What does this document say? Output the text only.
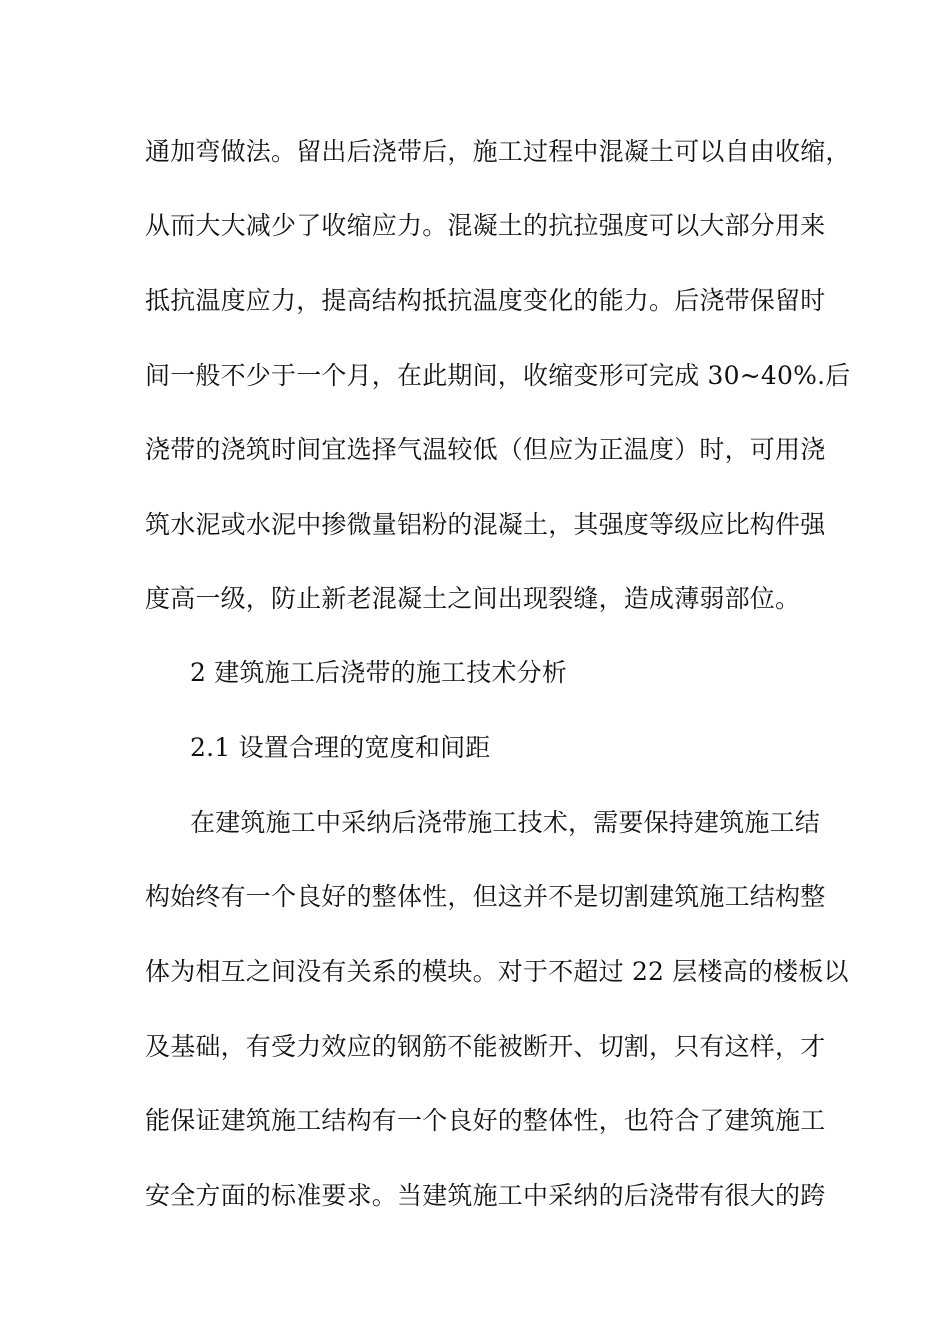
通加弯做法。留出后浇带后，施工过程中混凝土可以自由收缩，
从而大大减少了收缩应力。混凝土的抗拉强度可以大部分用来
抵抗温度应力，提高结构抵抗温度变化的能力。后浇带保留时
间一般不少于一个月，在此期间，收缩变形可完成 30~40%.后
浇带的浇筑时间宜选择气温较低（但应为正温度）时，可用浇
筑水泥或水泥中掺微量铝粉的混凝土，其强度等级应比构件强
度高一级，防止新老混凝土之间出现裂缝，造成薄弱部位。
2 建筑施工后浇带的施工技术分析
2.1 设置合理的宽度和间距
在建筑施工中采纳后浇带施工技术，需要保持建筑施工结
构始终有一个良好的整体性，但这并不是切割建筑施工结构整
体为相互之间没有关系的模块。对于不超过 22 层楼高的楼板以
及基础，有受力效应的钢筋不能被断开、切割，只有这样，才
能保证建筑施工结构有一个良好的整体性，也符合了建筑施工
安全方面的标准要求。当建筑施工中采纳的后浇带有很大的跨
